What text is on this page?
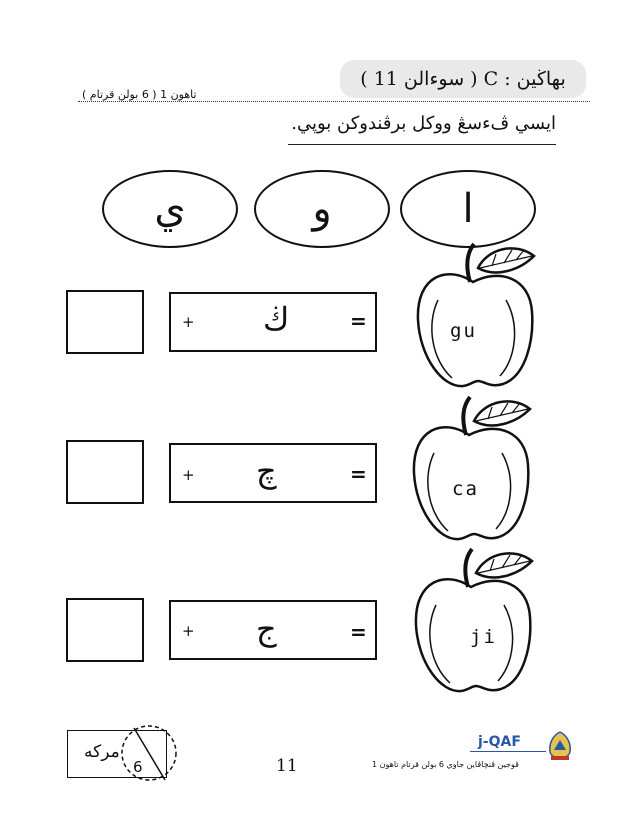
تاهون 1 ( 6 بولن قرتام )
بهاڬين : C ( سوءالن 11 )
ايسي ڤءسڠ ووكل برڤندوكن بوپي.
ي	و	ا
+ ڬ	=
+ چ	=
+ ج	=
gu
ca
ji
مركه
6	11	ڤوجين ڤنچاڤاين جاوي 6 بولن قرتام تاهون 1
j-QAF
